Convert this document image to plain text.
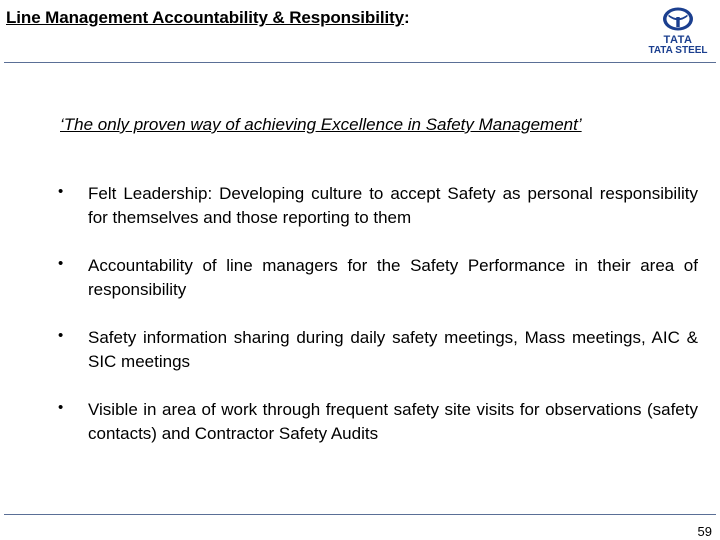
Line Management Accountability & Responsibility:
TATA
TATA STEEL
‘The only proven way of achieving Excellence in Safety Management’
• Felt Leadership: Developing culture to accept Safety as personal responsibility for themselves and those reporting to them
• Accountability of line managers for the Safety Performance in their area of responsibility
• Safety information sharing during daily safety meetings, Mass meetings, AIC & SIC meetings
• Visible in area of work through frequent safety site visits for observations (safety contacts) and Contractor Safety Audits
59
